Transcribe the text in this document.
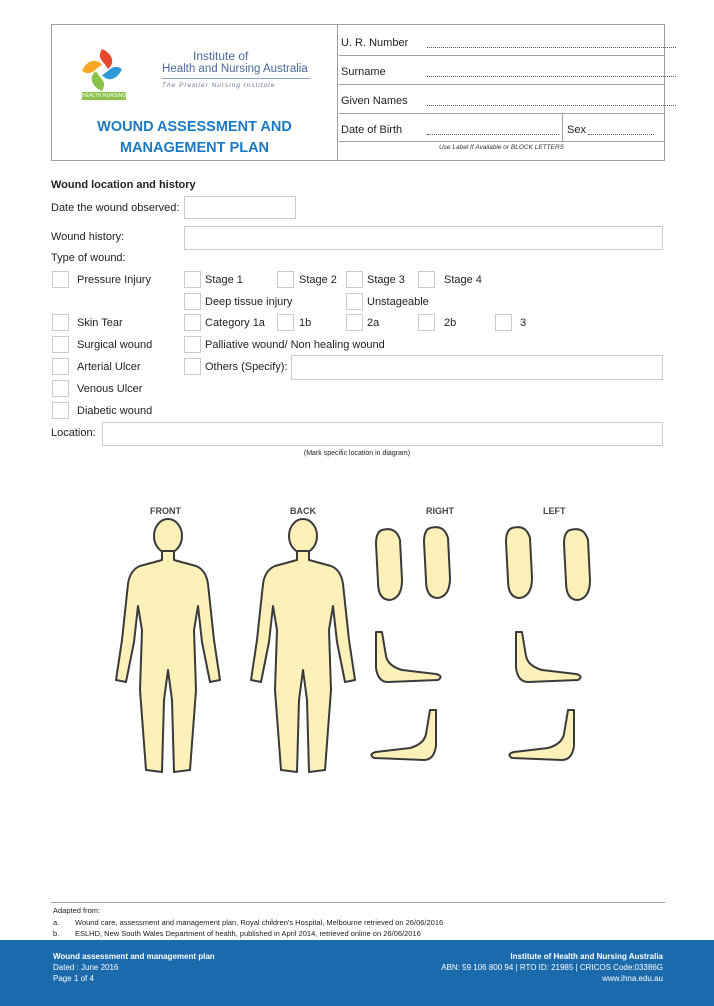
HEALTH·NURSING
Institute of
Health and Nursing Australia
The Premier Nursing Institute
WOUND ASSESSMENT AND
MANAGEMENT PLAN
U. R. Number
Surname
Given Names
Date of Birth	Sex
Use Label If Available or BLOCK LETTERS
Wound location and history
Date the wound observed:
Wound history:
Type of wound:
Pressure Injury	Stage 1	Stage 2	Stage 3	Stage 4
Deep tissue injury	Unstageable
Skin Tear	Category 1a	1b	2a	2b	3
Surgical wound	Palliative wound/ Non healing wound
Arterial Ulcer	Others (Specify):
Venous Ulcer
Diabetic wound
Location:
(Mark specific location in diagram)
FRONT	BACK	RIGHT	LEFT
Adapted from:
a. Wound care, assessment and management plan, Royal children's Hospital, Melbourne retrieved on 26/06/2016
b. ESLHD, New South Wales Department of health, published in April 2014, retrieved online on 26/06/2016
Wound assessment and management plan
Dated : June 2016
Page 1 of 4
Institute of Health and Nursing Australia
ABN: 59 106 800 94 | RTO ID: 21985 | CRICOS Code:03386G
www.ihna.edu.au
